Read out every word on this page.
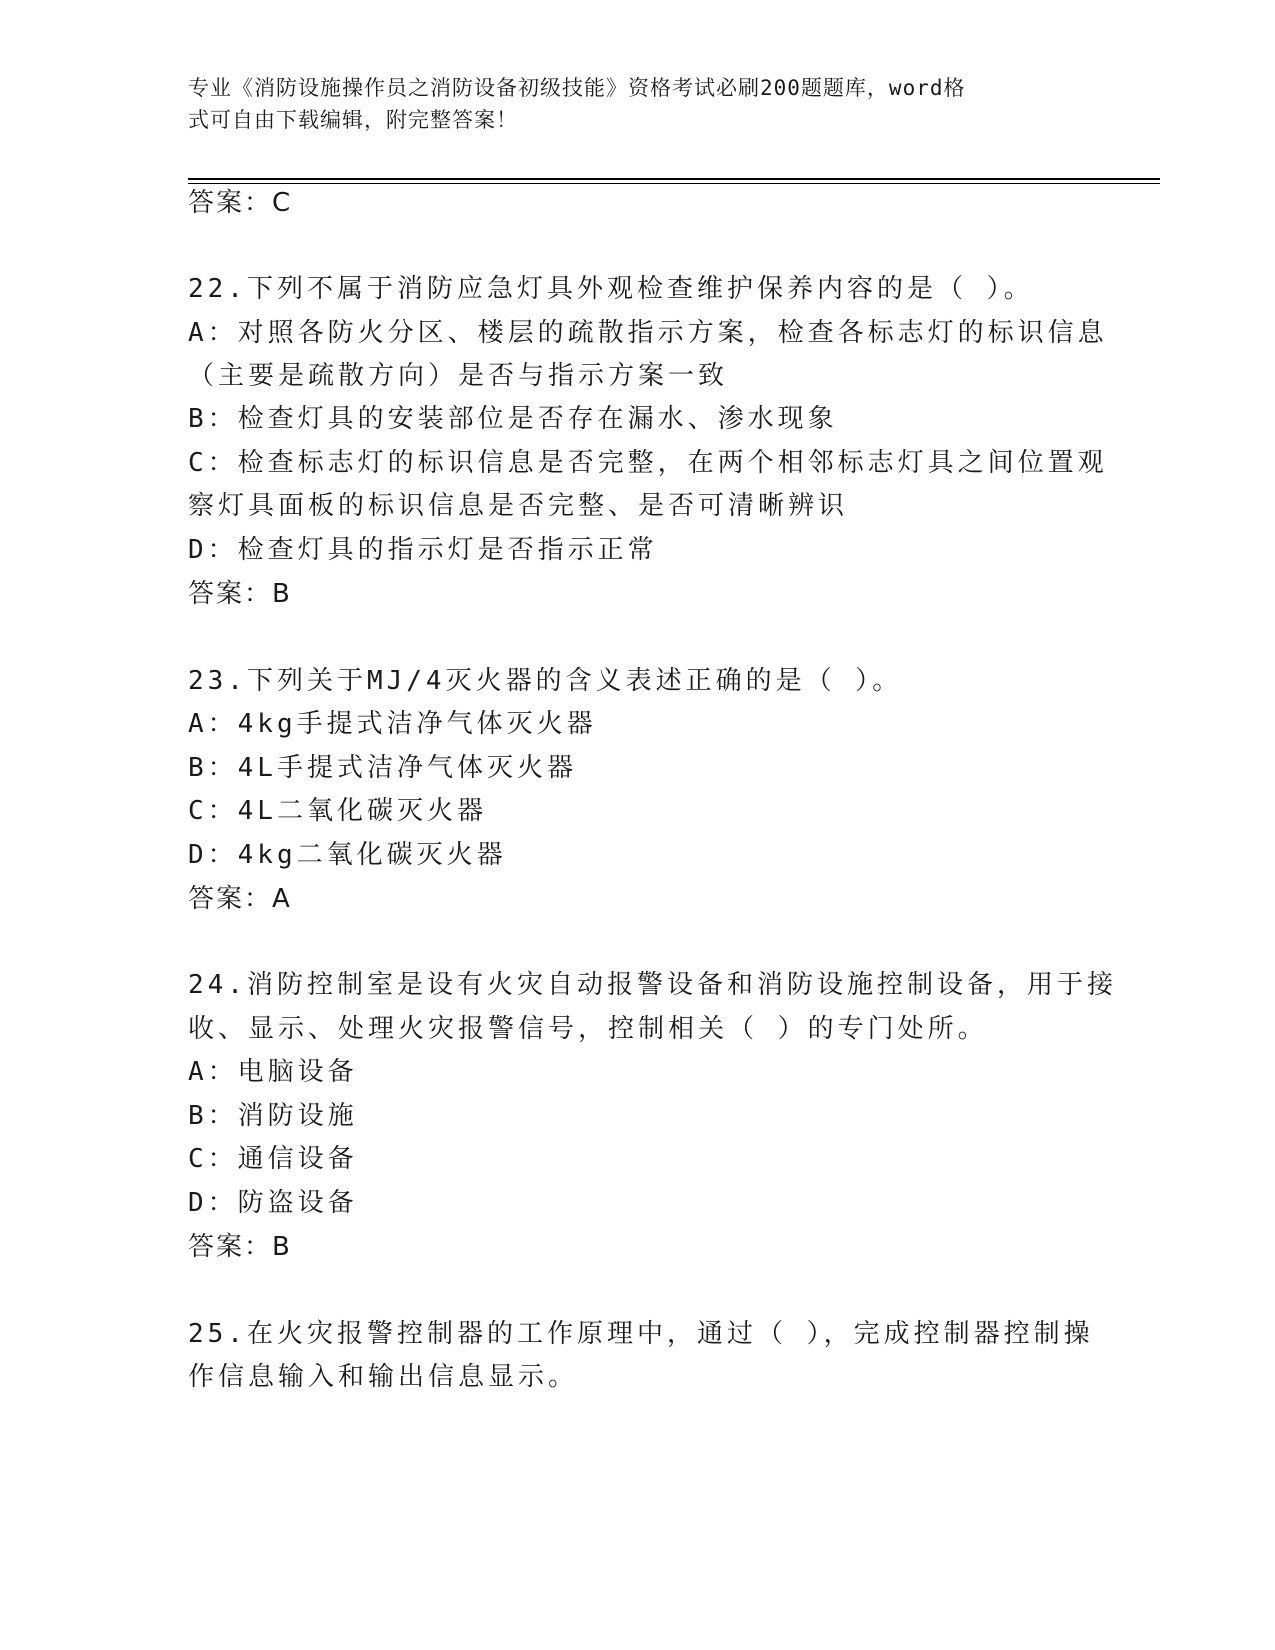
专业《消防设施操作员之消防设备初级技能》资格考试必刷200题题库，word格
式可自由下载编辑，附完整答案！
答案：C
22.下列不属于消防应急灯具外观检查维护保养内容的是（ ）。
A：对照各防火分区、楼层的疏散指示方案，检查各标志灯的标识信息
（主要是疏散方向）是否与指示方案一致
B：检查灯具的安装部位是否存在漏水、渗水现象
C：检查标志灯的标识信息是否完整，在两个相邻标志灯具之间位置观
察灯具面板的标识信息是否完整、是否可清晰辨识
D：检查灯具的指示灯是否指示正常
答案：B
23.下列关于MJ/4灭火器的含义表述正确的是（ ）。
A：4kg手提式洁净气体灭火器
B：4L手提式洁净气体灭火器
C：4L二氧化碳灭火器
D：4kg二氧化碳灭火器
答案：A
24.消防控制室是设有火灾自动报警设备和消防设施控制设备，用于接
收、显示、处理火灾报警信号，控制相关（ ）的专门处所。
A：电脑设备
B：消防设施
C：通信设备
D：防盗设备
答案：B
25.在火灾报警控制器的工作原理中，通过（ ），完成控制器控制操
作信息输入和输出信息显示。
